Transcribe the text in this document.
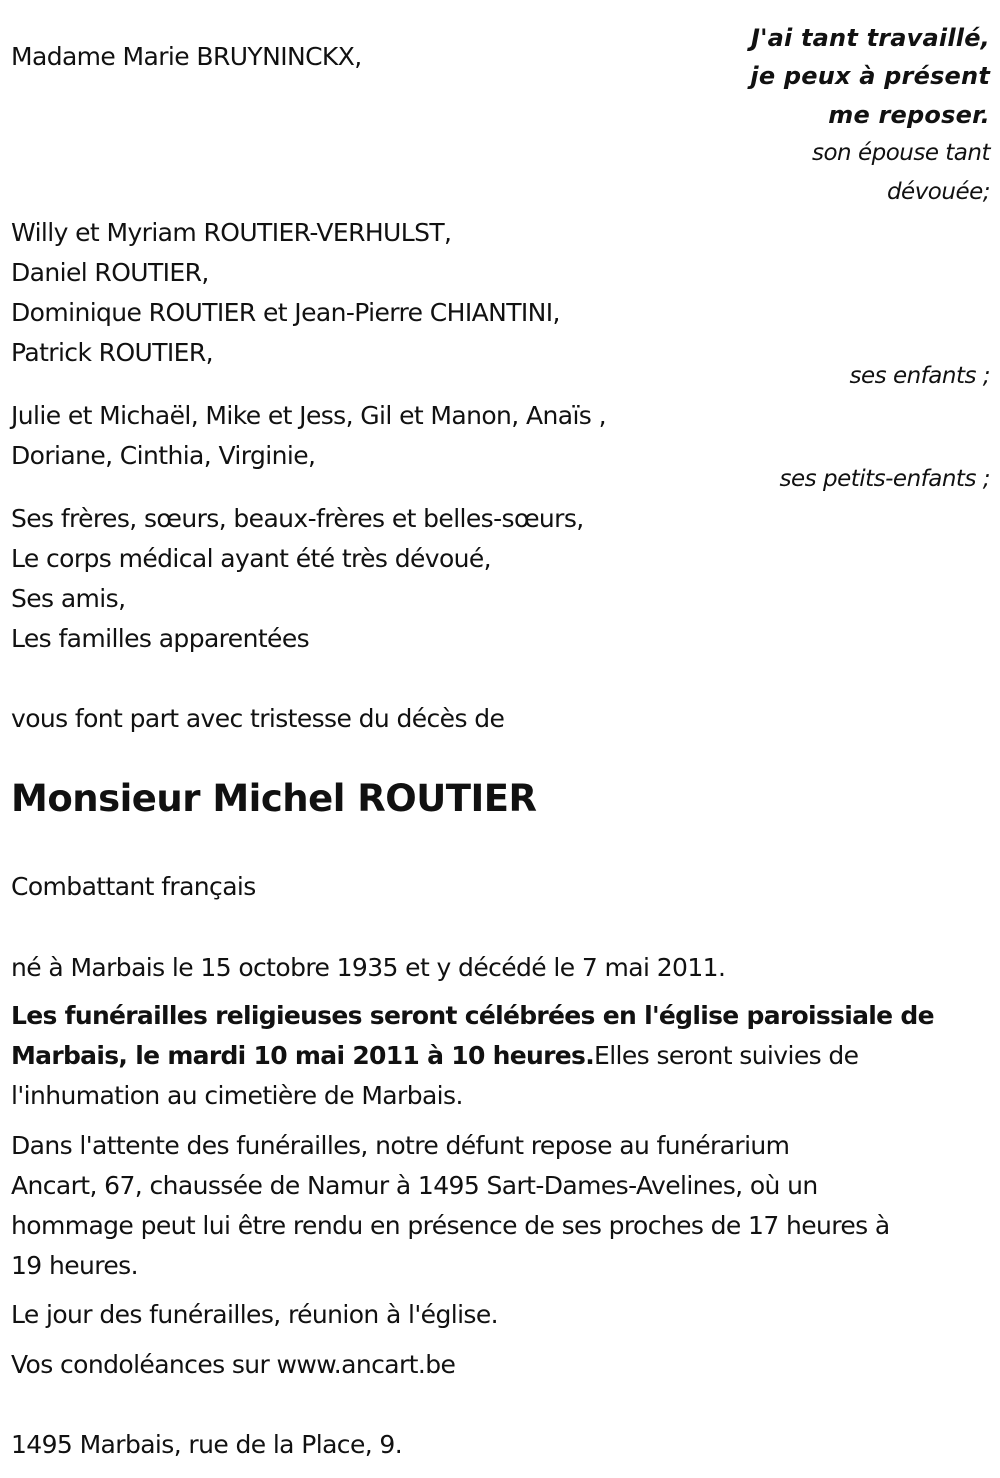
Madame Marie BRUYNINCKX,
J'ai tant travaillé,
je peux à présent
me reposer.
son épouse tant
dévouée;
Willy et Myriam ROUTIER-VERHULST,
Daniel ROUTIER,
Dominique ROUTIER et Jean-Pierre CHIANTINI,
Patrick ROUTIER,
ses enfants ;
Julie et Michaël, Mike et Jess, Gil et Manon, Anaïs ,
Doriane, Cinthia, Virginie,
ses petits-enfants ;
Ses frères, sœurs, beaux-frères et belles-sœurs,
Le corps médical ayant été très dévoué,
Ses amis,
Les familles apparentées
vous font part avec tristesse du décès de
Monsieur Michel ROUTIER
Combattant français
né à Marbais le 15 octobre 1935 et y décédé le 7 mai 2011.
Les funérailles religieuses seront célébrées en l'église paroissiale de
Marbais, le mardi 10 mai 2011 à 10 heures.Elles seront suivies de
l'inhumation au cimetière de Marbais.
Dans l'attente des funérailles, notre défunt repose au funérarium
Ancart, 67, chaussée de Namur à 1495 Sart-Dames-Avelines, où un
hommage peut lui être rendu en présence de ses proches de 17 heures à
19 heures.
Le jour des funérailles, réunion à l'église.
Vos condoléances sur www.ancart.be
1495 Marbais, rue de la Place, 9.
